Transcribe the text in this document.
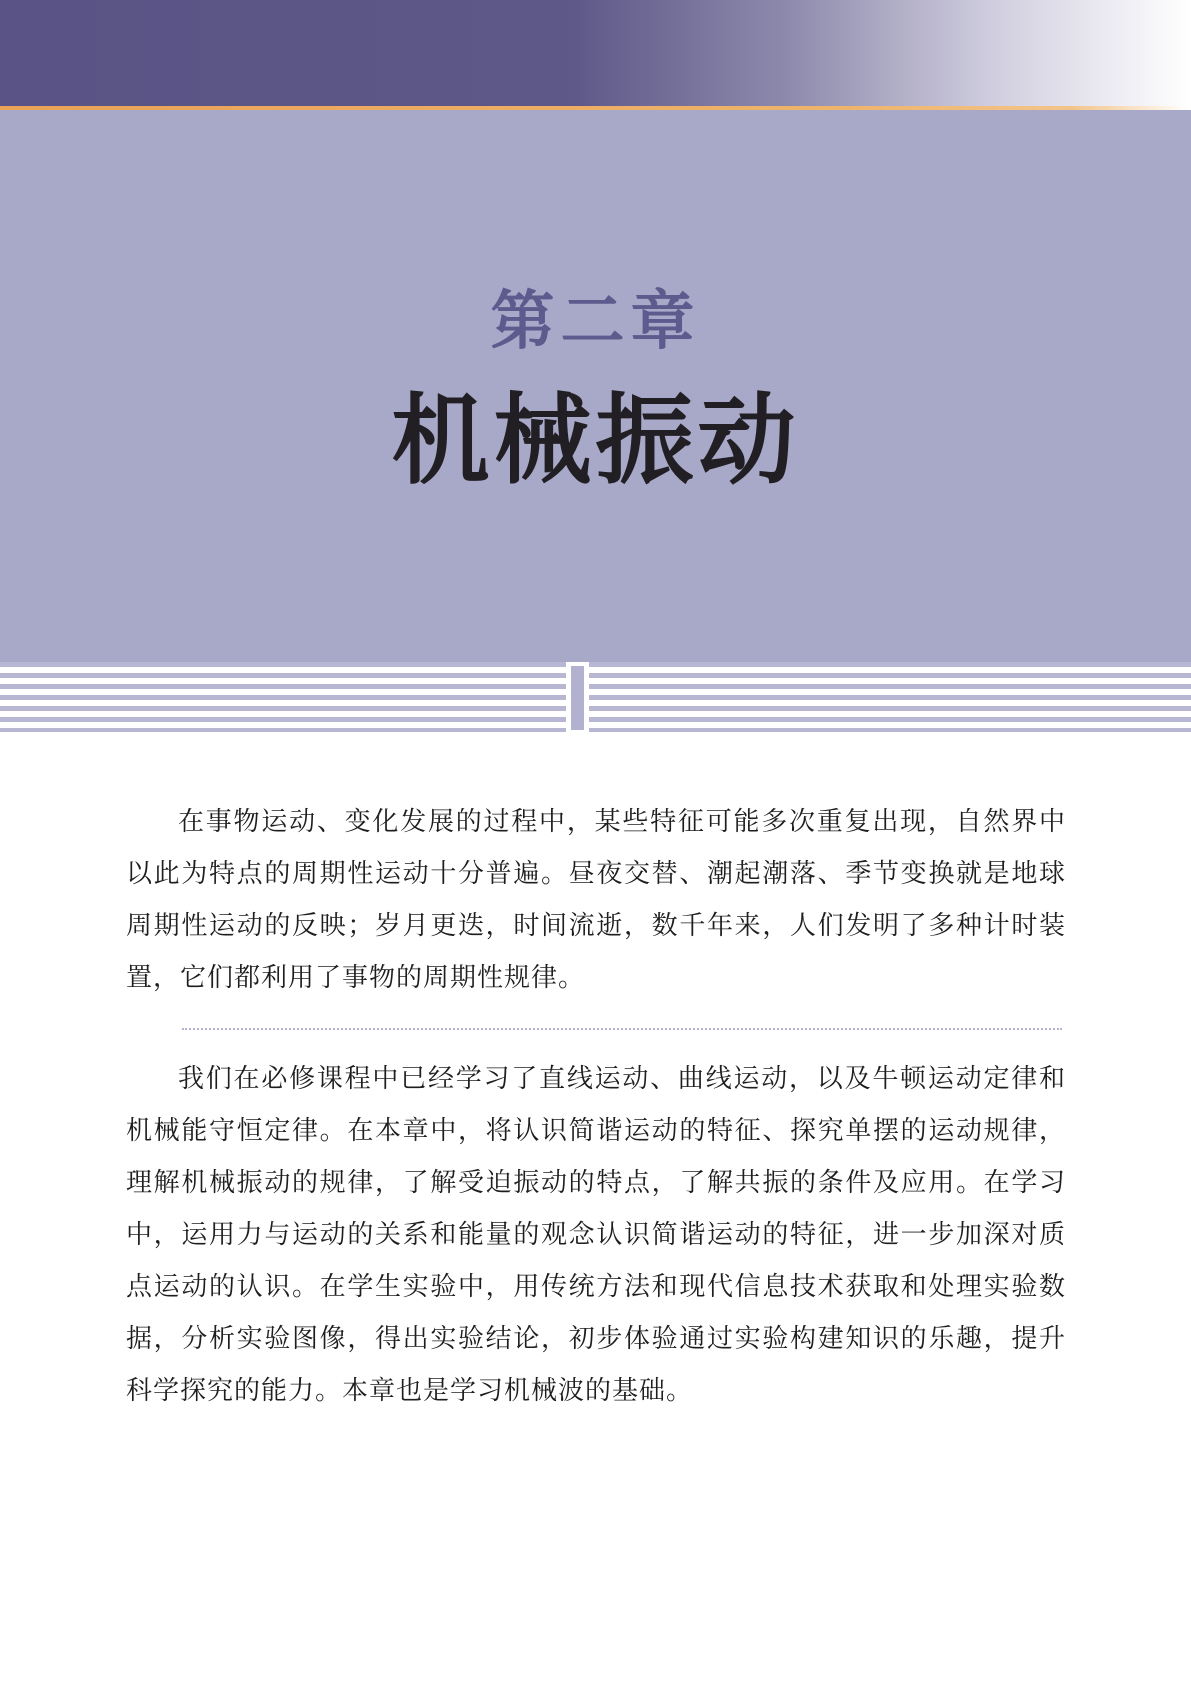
第二章
机械振动

在事物运动、变化发展的过程中，某些特征可能多次重复出现，自然界中以此为特点的周期性运动十分普遍。昼夜交替、潮起潮落、季节变换就是地球周期性运动的反映；岁月更迭，时间流逝，数千年来，人们发明了多种计时装置，它们都利用了事物的周期性规律。

我们在必修课程中已经学习了直线运动、曲线运动，以及牛顿运动定律和机械能守恒定律。在本章中，将认识简谐运动的特征、探究单摆的运动规律，理解机械振动的规律，了解受迫振动的特点，了解共振的条件及应用。在学习中，运用力与运动的关系和能量的观念认识简谐运动的特征，进一步加深对质点运动的认识。在学生实验中，用传统方法和现代信息技术获取和处理实验数据，分析实验图像，得出实验结论，初步体验通过实验构建知识的乐趣，提升科学探究的能力。本章也是学习机械波的基础。
